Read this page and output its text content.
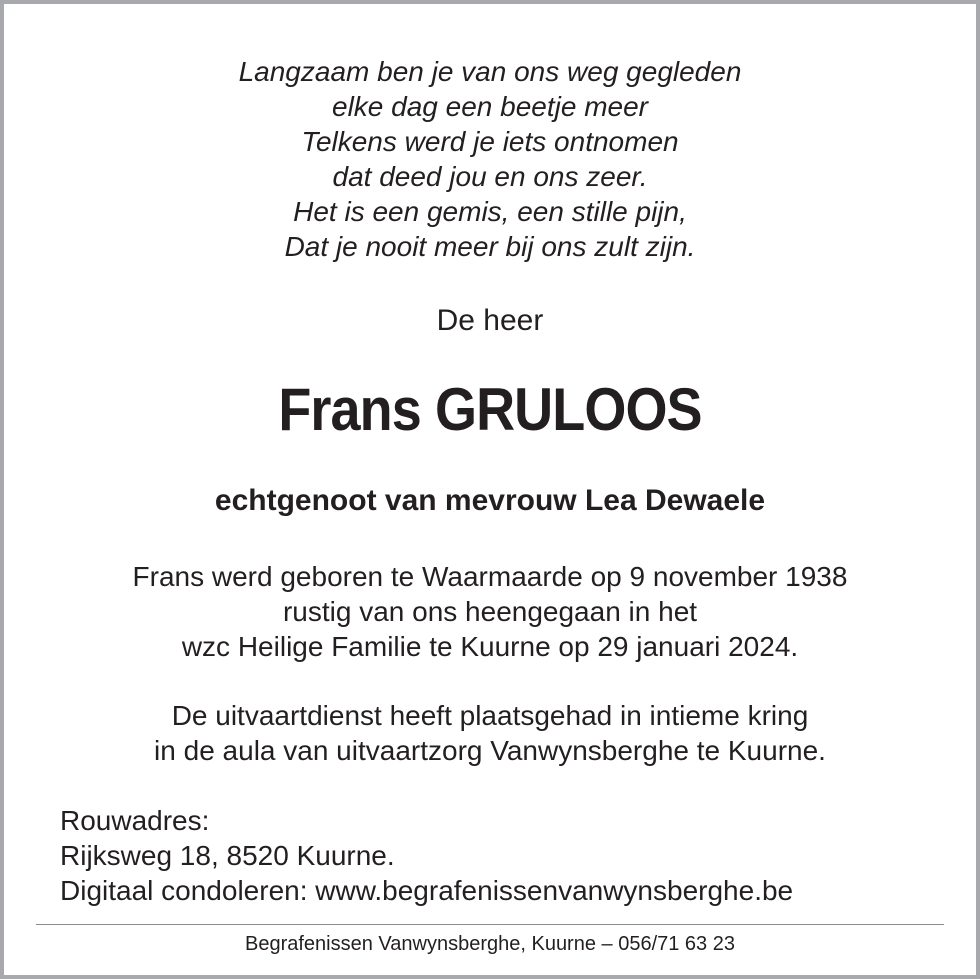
Langzaam ben je van ons weg gegleden
elke dag een beetje meer
Telkens werd je iets ontnomen
dat deed jou en ons zeer.
Het is een gemis, een stille pijn,
Dat je nooit meer bij ons zult zijn.
De heer
Frans GRULOOS
echtgenoot van mevrouw Lea Dewaele
Frans werd geboren te Waarmaarde op 9 november 1938
rustig van ons heengegaan in het
wzc Heilige Familie te Kuurne op 29 januari 2024.
De uitvaartdienst heeft plaatsgehad in intieme kring
in de aula van uitvaartzorg Vanwynsberghe te Kuurne.
Rouwadres:
Rijksweg 18, 8520 Kuurne.
Digitaal condoleren: www.begrafenissenvanwynsberghe.be
Begrafenissen Vanwynsberghe, Kuurne – 056/71 63 23
